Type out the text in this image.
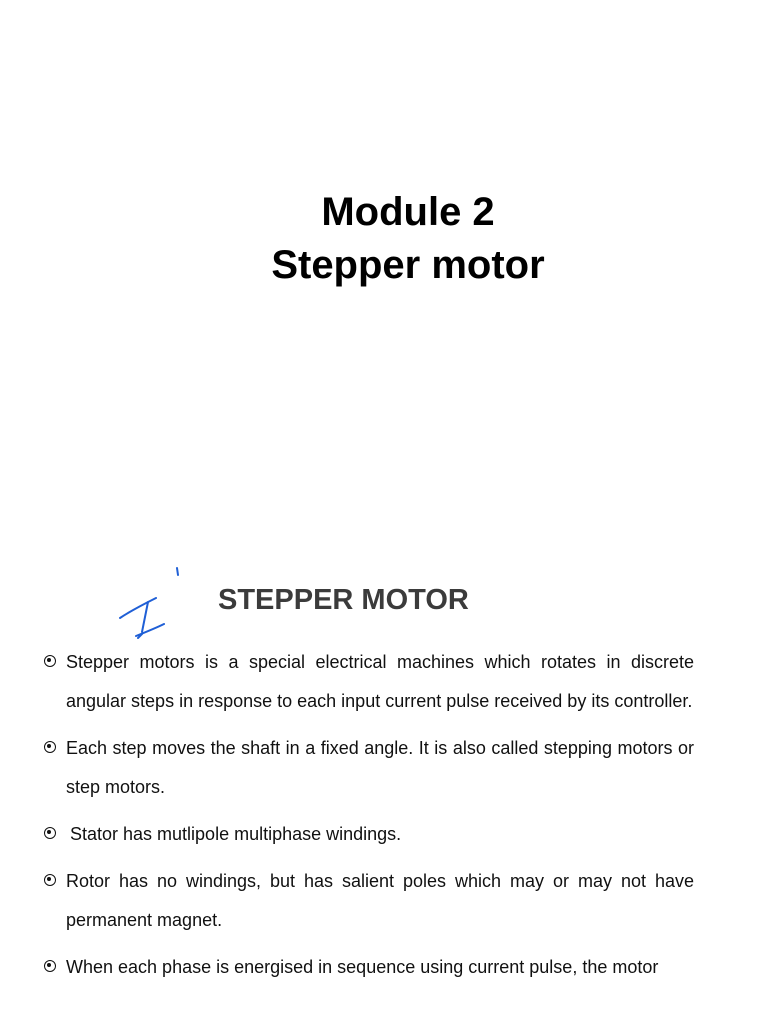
Module 2
Stepper motor
STEPPER MOTOR
Stepper motors is a special electrical machines which rotates in discrete angular steps in response to each input current pulse received by its controller.
Each step moves the shaft in a fixed angle. It is also called stepping motors or step motors.
Stator has mutlipole multiphase windings.
Rotor has no windings, but has salient poles which may or may not have permanent magnet.
When each phase is energised in sequence using current pulse, the motor
